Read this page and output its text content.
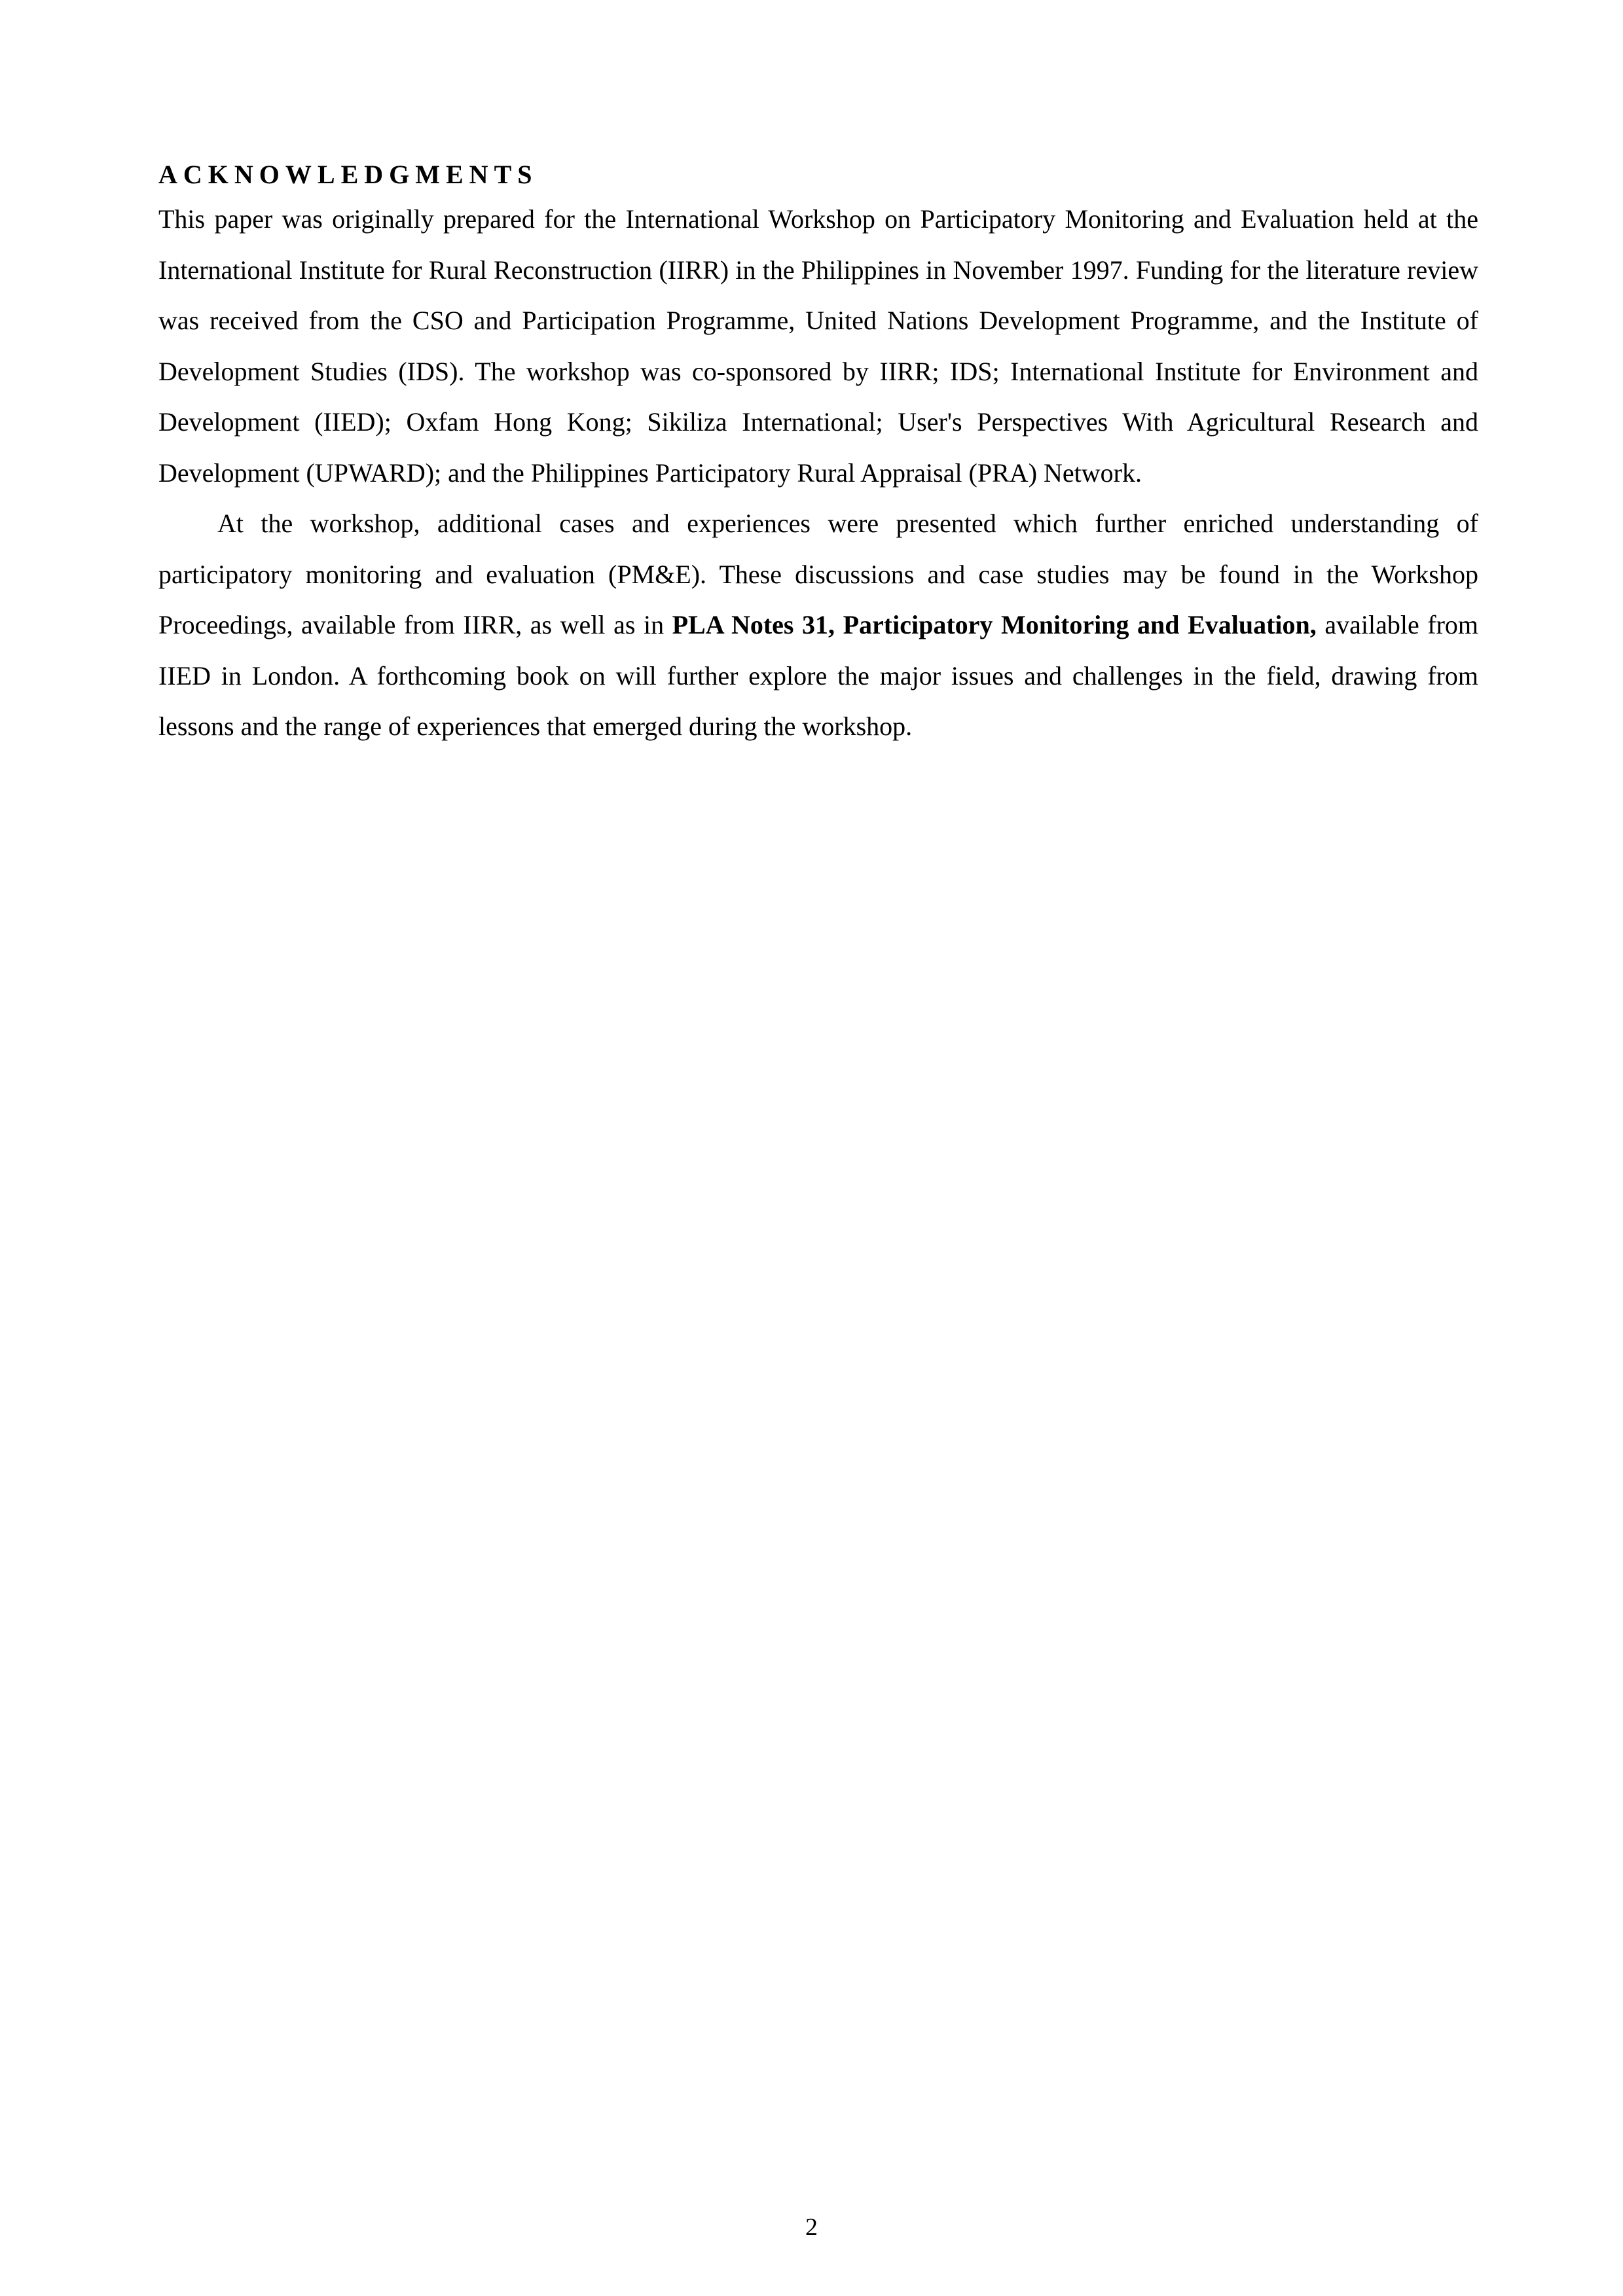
ACKNOWLEDGMENTS

This paper was originally prepared for the International Workshop on Participatory Monitoring and Evaluation held at the International Institute for Rural Reconstruction (IIRR) in the Philippines in November 1997. Funding for the literature review was received from the CSO and Participation Programme, United Nations Development Programme, and the Institute of Development Studies (IDS). The workshop was co-sponsored by IIRR; IDS; International Institute for Environment and Development (IIED); Oxfam Hong Kong; Sikiliza International; User's Perspectives With Agricultural Research and Development (UPWARD); and the Philippines Participatory Rural Appraisal (PRA) Network.

At the workshop, additional cases and experiences were presented which further enriched understanding of participatory monitoring and evaluation (PM&E). These discussions and case studies may be found in the Workshop Proceedings, available from IIRR, as well as in PLA Notes 31, Participatory Monitoring and Evaluation, available from IIED in London. A forthcoming book on will further explore the major issues and challenges in the field, drawing from lessons and the range of experiences that emerged during the workshop.

2
